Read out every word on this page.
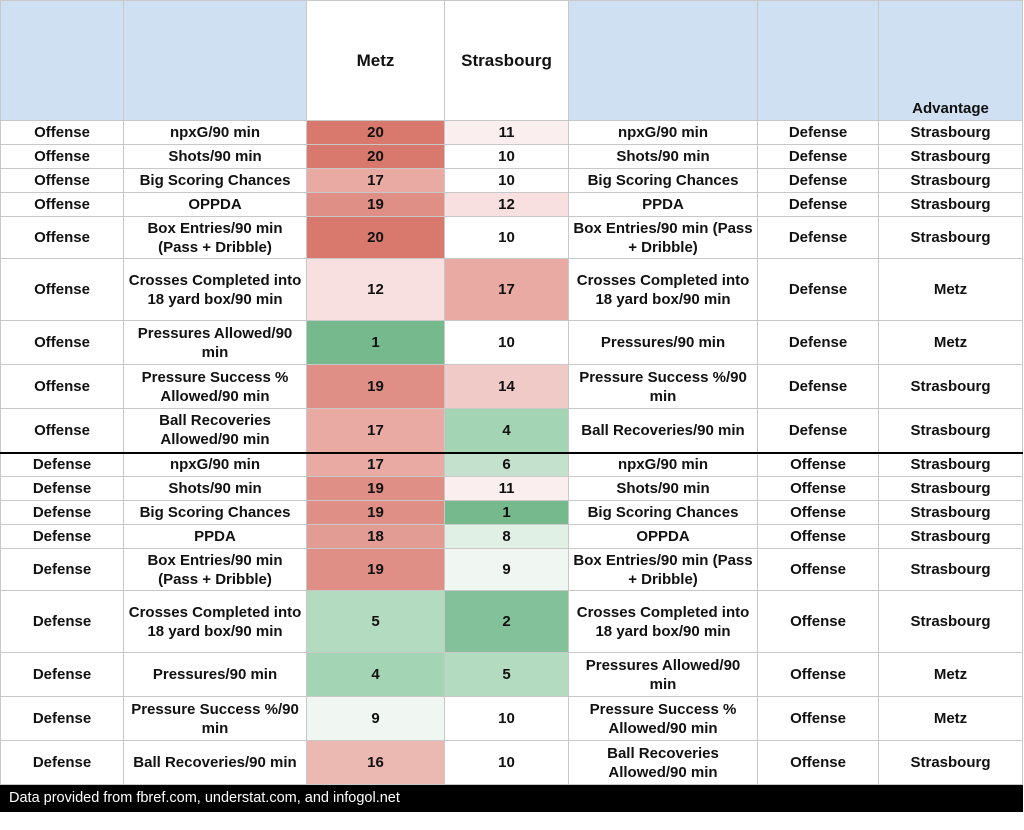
		Metz	Strasbourg			Advantage
Offense	npxG/90 min	20	11	npxG/90 min	Defense	Strasbourg
Offense	Shots/90 min	20	10	Shots/90 min	Defense	Strasbourg
Offense	Big Scoring Chances	17	10	Big Scoring Chances	Defense	Strasbourg
Offense	OPPDA	19	12	PPDA	Defense	Strasbourg
Offense	Box Entries/90 min (Pass + Dribble)	20	10	Box Entries/90 min (Pass + Dribble)	Defense	Strasbourg
Offense	Crosses Completed into 18 yard box/90 min	12	17	Crosses Completed into 18 yard box/90 min	Defense	Metz
Offense	Pressures Allowed/90 min	1	10	Pressures/90 min	Defense	Metz
Offense	Pressure Success % Allowed/90 min	19	14	Pressure Success %/90 min	Defense	Strasbourg
Offense	Ball Recoveries Allowed/90 min	17	4	Ball Recoveries/90 min	Defense	Strasbourg
Defense	npxG/90 min	17	6	npxG/90 min	Offense	Strasbourg
Defense	Shots/90 min	19	11	Shots/90 min	Offense	Strasbourg
Defense	Big Scoring Chances	19	1	Big Scoring Chances	Offense	Strasbourg
Defense	PPDA	18	8	OPPDA	Offense	Strasbourg
Defense	Box Entries/90 min (Pass + Dribble)	19	9	Box Entries/90 min (Pass + Dribble)	Offense	Strasbourg
Defense	Crosses Completed into 18 yard box/90 min	5	2	Crosses Completed into 18 yard box/90 min	Offense	Strasbourg
Defense	Pressures/90 min	4	5	Pressures Allowed/90 min	Offense	Metz
Defense	Pressure Success %/90 min	9	10	Pressure Success % Allowed/90 min	Offense	Metz
Defense	Ball Recoveries/90 min	16	10	Ball Recoveries Allowed/90 min	Offense	Strasbourg
Data provided from fbref.com, understat.com, and infogol.net						
